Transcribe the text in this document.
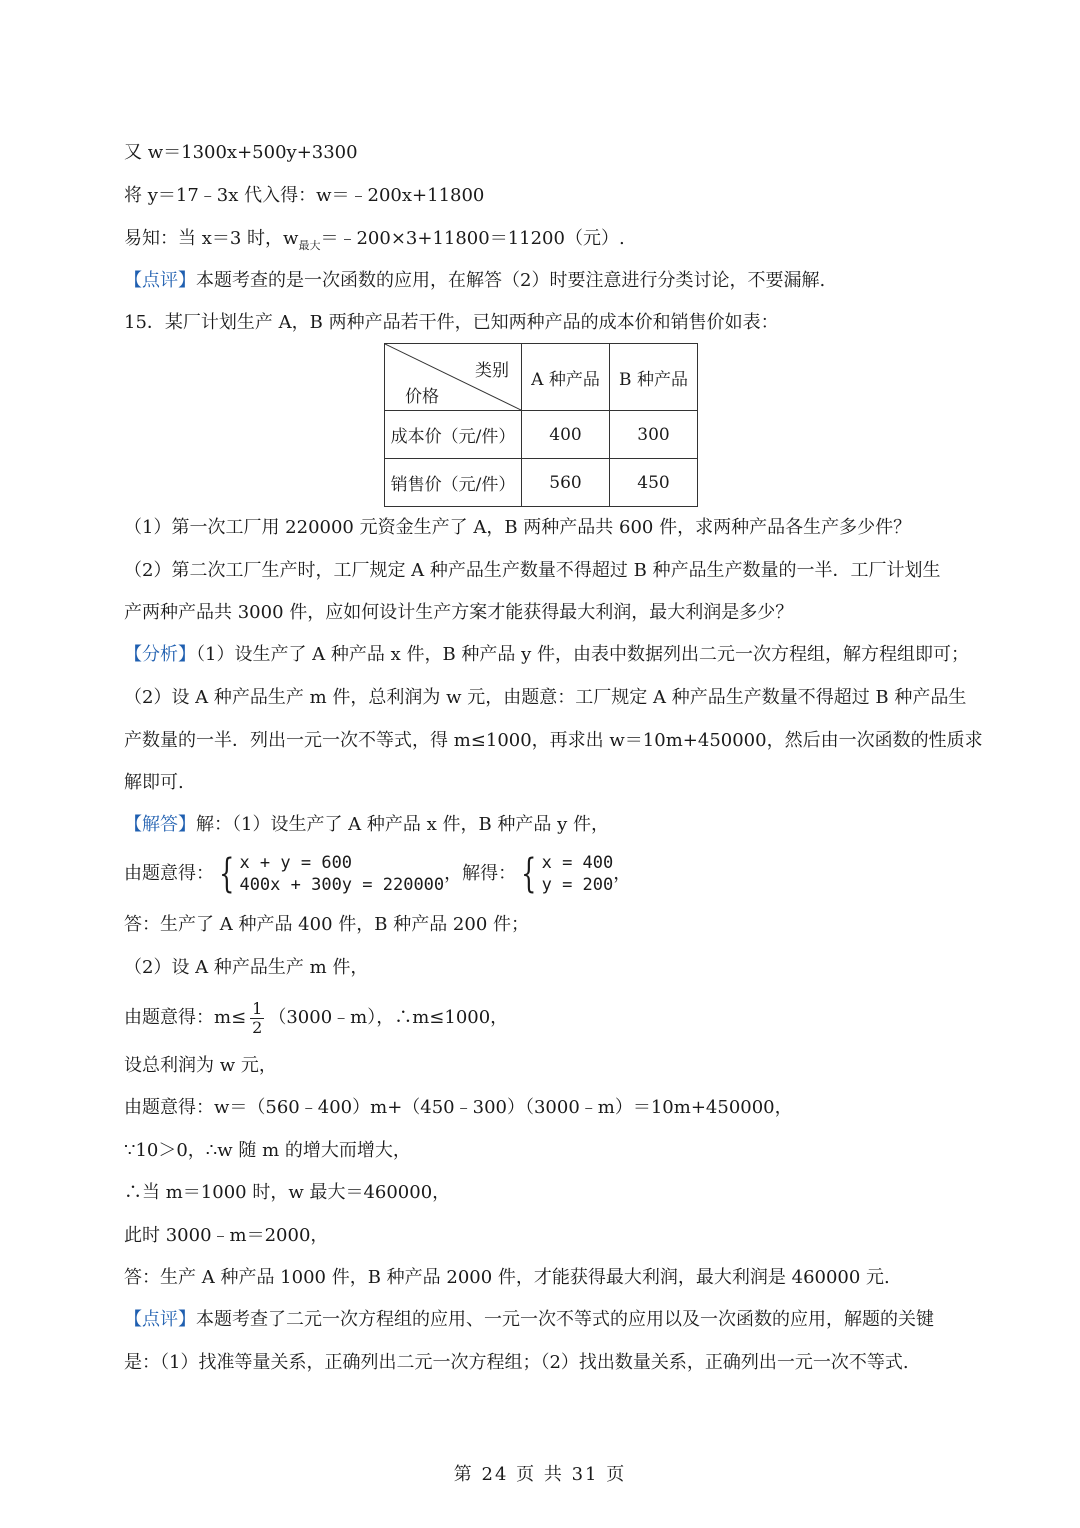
又 w＝1300x+500y+3300
将 y＝17﹣3x 代入得：w＝﹣200x+11800
易知：当 x＝3 时，$w_{最大}=﹣200\times 3+11800=11200$（元）.
【点评】本题考查的是一次函数的应用，在解答（2）时要注意进行分类讨论，不要漏解.
15．某厂计划生产 A，B 两种产品若干件，已知两种产品的成本价和销售价如表：
类别
价格	A 种产品	B 种产品
成本价（元/件）	400	300
销售价（元/件）	560	450
（1）第一次工厂用 220000 元资金生产了 A，B 两种产品共 600 件，求两种产品各生产多少件？
（2）第二次工厂生产时，工厂规定 A 种产品生产数量不得超过 B 种产品生产数量的一半．工厂计划生
产两种产品共 3000 件，应如何设计生产方案才能获得最大利润，最大利润是多少？
【分析】（1）设生产了 A 种产品 x 件，B 种产品 y 件，由表中数据列出二元一次方程组，解方程组即可；
（2）设 A 种产品生产 m 件，总利润为 w 元，由题意：工厂规定 A 种产品生产数量不得超过 B 种产品生
产数量的一半．列出一元一次不等式，得 m≤1000，再求出 w＝10m+450000，然后由一次函数的性质求
解即可.
【解答】解：（1）设生产了 A 种产品 x 件，B 种产品 y 件，
由题意得： { x + y = 600
400x + 300y = 220000
，解得： { x = 400
y = 200
，
答：生产了 A 种产品 400 件，B 种产品 200 件；
（2）设 A 种产品生产 m 件，
由题意得：$m\le \frac{1}{2}$ （3000﹣m），∴m≤1000，
设总利润为 w 元，
由题意得：w＝（560﹣400）m+（450﹣300）（3000﹣m）＝10m+450000，
∵10＞0，∴w 随 m 的增大而增大，
∴当 m＝1000 时，w 最大＝460000，
此时 3000﹣m＝2000，
答：生产 A 种产品 1000 件，B 种产品 2000 件，才能获得最大利润，最大利润是 460000 元.
【点评】本题考查了二元一次方程组的应用、一元一次不等式的应用以及一次函数的应用，解题的关键
是：（1）找准等量关系，正确列出二元一次方程组；（2）找出数量关系，正确列出一元一次不等式.
第 24 页 共 31 页
